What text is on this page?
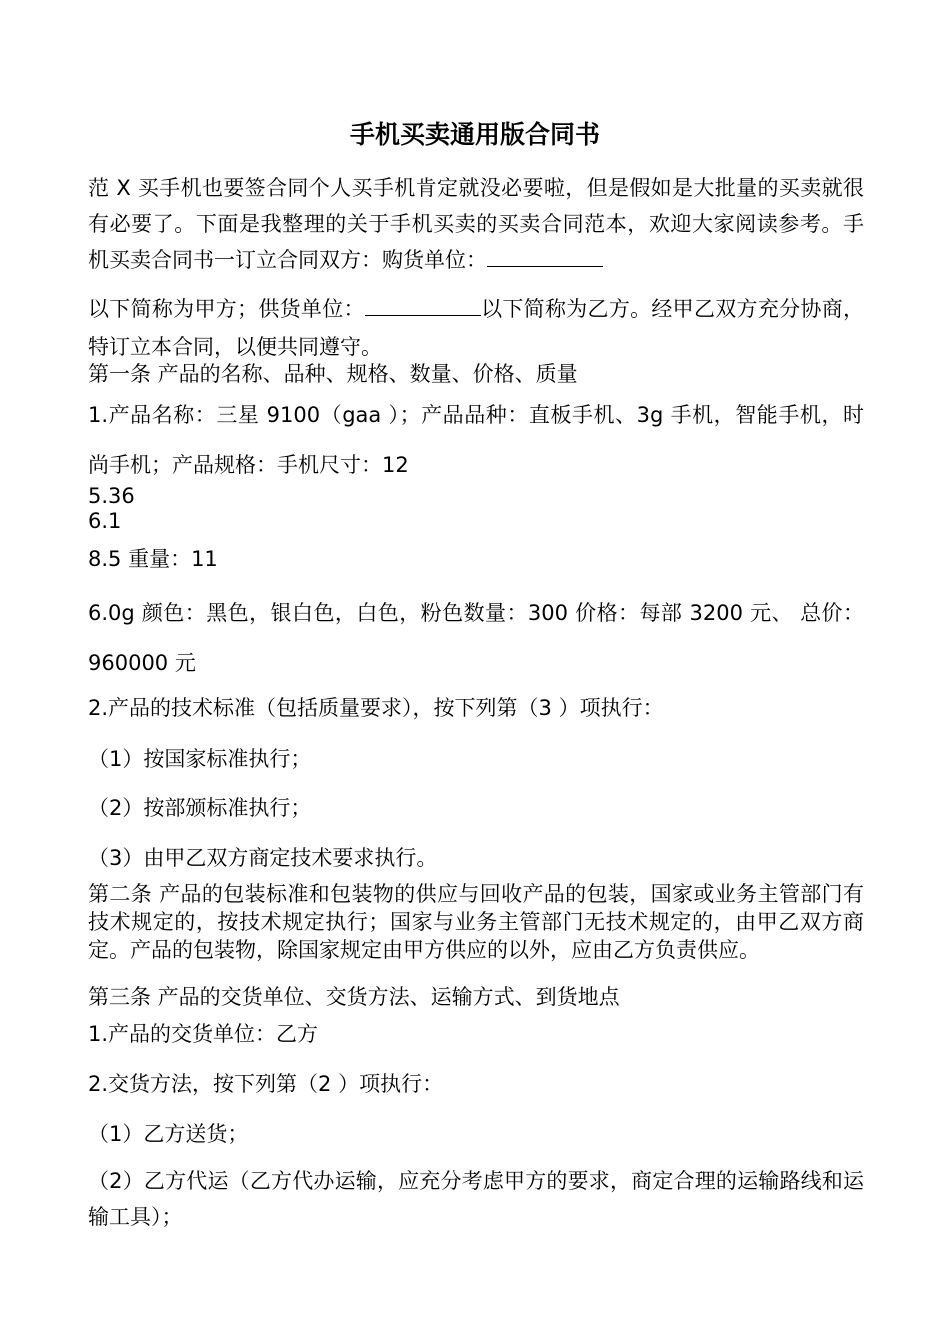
手机买卖通用版合同书

范 X 买手机也要签合同个人买手机肯定就没必要啦，但是假如是大批量的买卖就很有必要了。下面是我整理的关于手机买卖的买卖合同范本，欢迎大家阅读参考。手机买卖合同书一订立合同双方：购货单位：

以下简称为甲方；供货单位：	以下简称为乙方。经甲乙双方充分协商，特订立本合同，以便共同遵守。

第一条 产品的名称、品种、规格、数量、价格、质量

1.产品名称：三星 9100（gaa ）；产品品种：直板手机、3g 手机，智能手机，时尚手机；产品规格：手机尺寸：12

5.36

6.1

8.5 重量：11

6.0g 颜色：黑色，银白色，白色，粉色数量：300 价格：每部 3200 元、 总价：960000 元

2.产品的技术标准（包括质量要求），按下列第（3 ）项执行：

（1）按国家标准执行；

（2）按部颁标准执行；

（3）由甲乙双方商定技术要求执行。

第二条 产品的包装标准和包装物的供应与回收产品的包装，国家或业务主管部门有技术规定的，按技术规定执行；国家与业务主管部门无技术规定的，由甲乙双方商定。产品的包装物，除国家规定由甲方供应的以外，应由乙方负责供应。

第三条 产品的交货单位、交货方法、运输方式、到货地点

1.产品的交货单位：乙方

2.交货方法，按下列第（2 ）项执行：

（1）乙方送货；

（2）乙方代运（乙方代办运输，应充分考虑甲方的要求，商定合理的运输路线和运输工具）；
